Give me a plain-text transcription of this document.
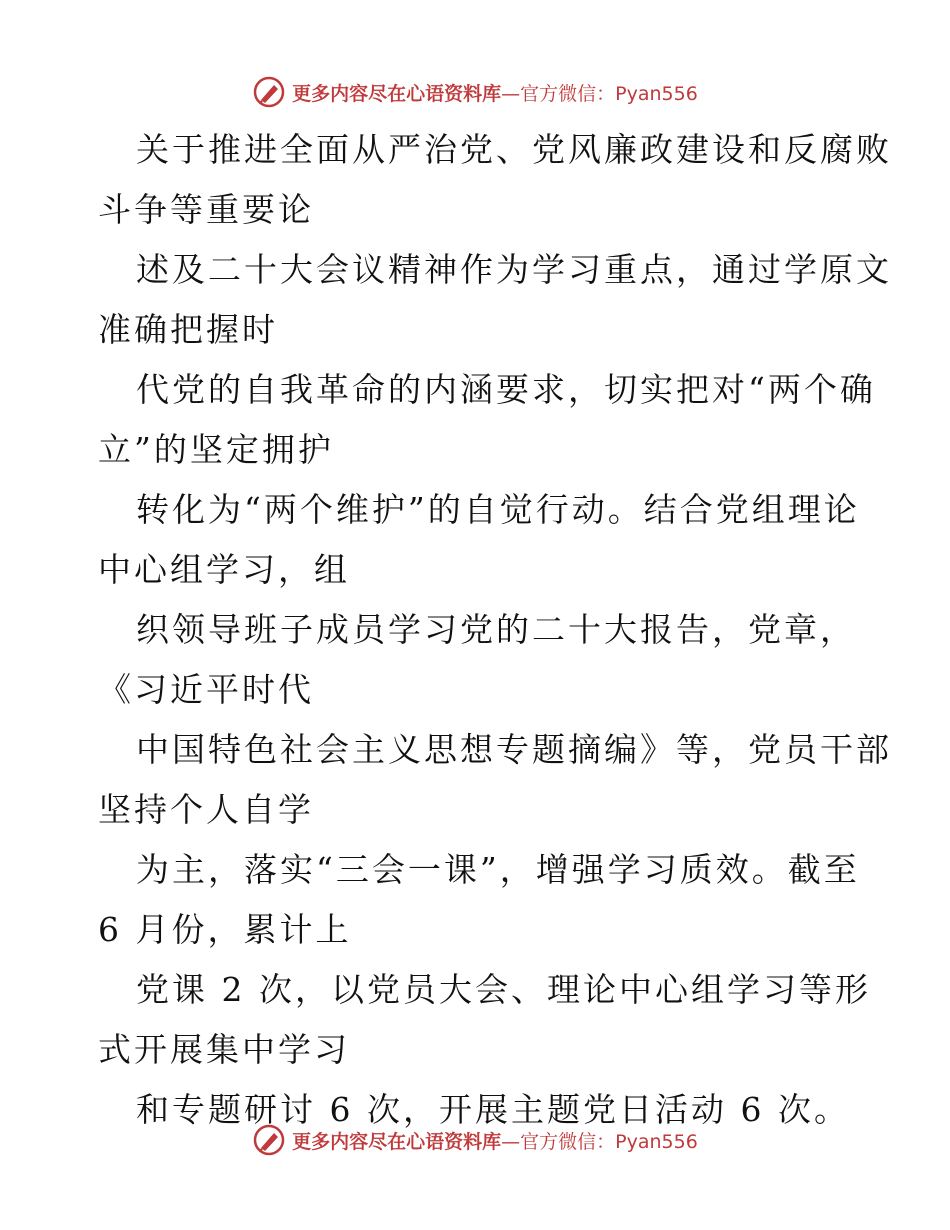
更多内容尽在心语资料库—官方微信：Pyan556
关于推进全面从严治党、党风廉政建设和反腐败
斗争等重要论
述及二十大会议精神作为学习重点，通过学原文
准确把握时
代党的自我革命的内涵要求，切实把对“两个确
立”的坚定拥护
转化为“两个维护”的自觉行动。结合党组理论
中心组学习，组
织领导班子成员学习党的二十大报告，党章，
《习近平时代
中国特色社会主义思想专题摘编》等，党员干部
坚持个人自学
为主，落实“三会一课”，增强学习质效。截至
6 月份，累计上
党课 2 次，以党员大会、理论中心组学习等形
式开展集中学习
和专题研讨 6 次，开展主题党日活动 6 次。
更多内容尽在心语资料库—官方微信：Pyan556
